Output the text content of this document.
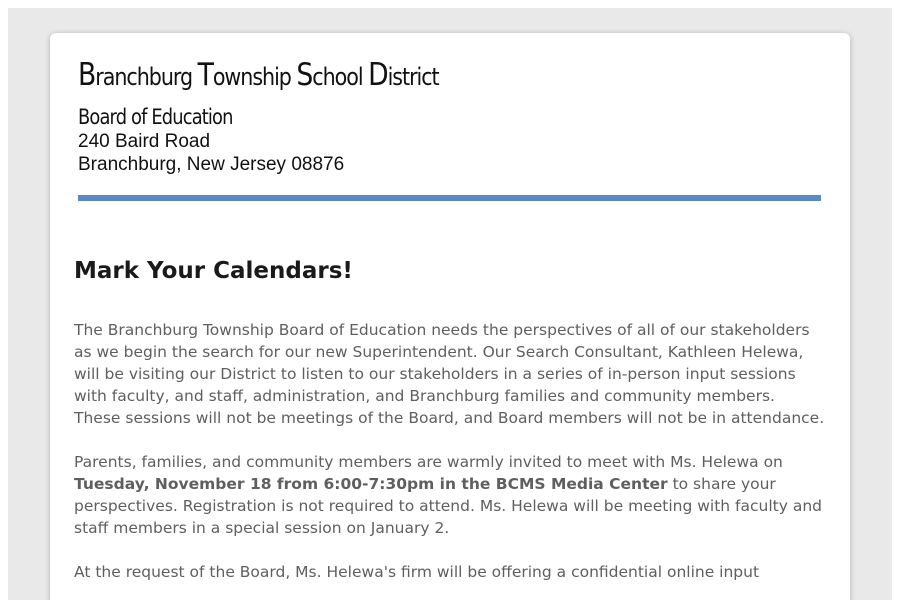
Branchburg Township School District
Board of Education
240 Baird Road
Branchburg, New Jersey 08876
Mark Your Calendars!

The Branchburg Township Board of Education needs the perspectives of all of our stakeholders as we begin the search for our new Superintendent. Our Search Consultant, Kathleen Helewa, will be visiting our District to listen to our stakeholders in a series of in-person input sessions with faculty, and staff, administration, and Branchburg families and community members. These sessions will not be meetings of the Board, and Board members will not be in attendance.

Parents, families, and community members are warmly invited to meet with Ms. Helewa on Tuesday, November 18 from 6:00-7:30pm in the BCMS Media Center to share your perspectives. Registration is not required to attend. Ms. Helewa will be meeting with faculty and staff members in a special session on January 2.

At the request of the Board, Ms. Helewa's firm will be offering a confidential online input
